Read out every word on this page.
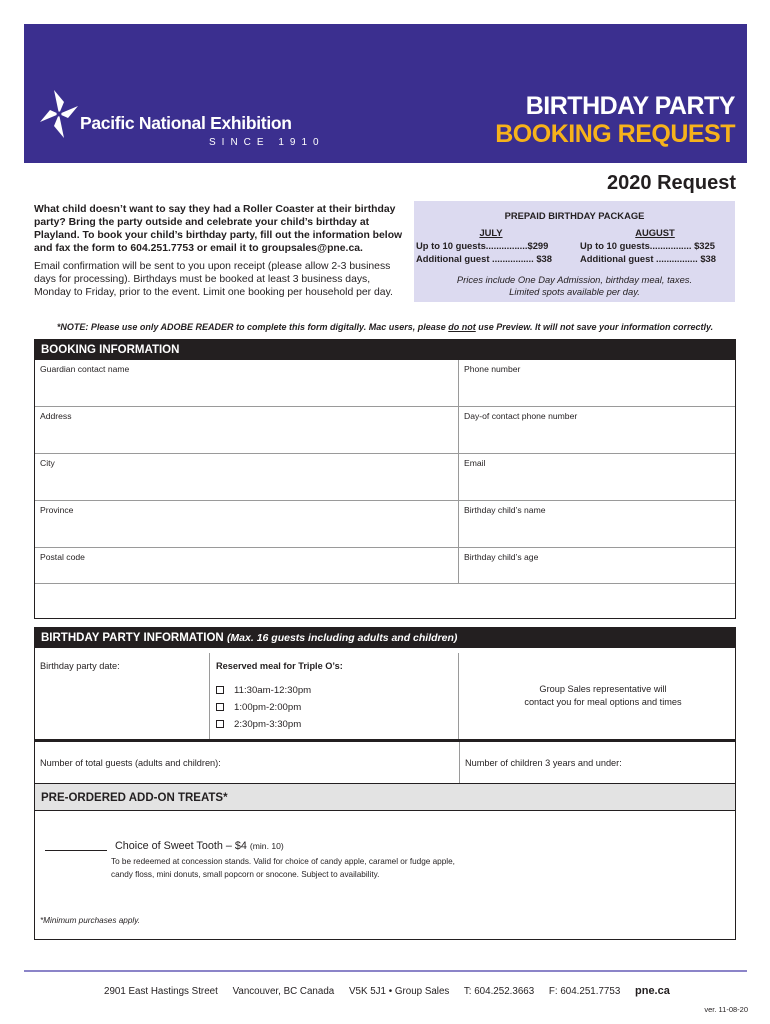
Pacific National Exhibition
SINCE 1910
BIRTHDAY PARTY
BOOKING REQUEST
2020 Request

What child doesn’t want to say they had a Roller Coaster at their birthday party? Bring the party outside and celebrate your child’s birthday at Playland. To book your child’s birthday party, fill out the information below and fax the form to 604.251.7753 or email it to groupsales@pne.ca.

Email confirmation will be sent to you upon receipt (please allow 2-3 business days for processing). Birthdays must be booked at least 3 business days, Monday to Friday, prior to the event. Limit one booking per household per day.

PREPAID BIRTHDAY PACKAGE
JULY
Up to 10 guests................$299
Additional guest ................ $38
AUGUST
Up to 10 guests................ $325
Additional guest ................ $38
Prices include One Day Admission, birthday meal, taxes.
Limited spots available per day.
*NOTE: Please use only ADOBE READER to complete this form digitally. Mac users, please do not use Preview. It will not save your information correctly.
BOOKING INFORMATION
Guardian contact name	Phone number
Address	Day-of contact phone number
City	Email
Province	Birthday child’s name
Postal code	Birthday child’s age
BIRTHDAY PARTY INFORMATION (Max. 16 guests including adults and children)
Birthday party date:	Reserved meal for Triple O’s:
11:30am-12:30pm
1:00pm-2:00pm
2:30pm-3:30pm
Group Sales representative will
contact you for meal options and times
Number of total guests (adults and children):	Number of children 3 years and under:
PRE-ORDERED ADD-ON TREATS*
Choice of Sweet Tooth – $4 (min. 10)
To be redeemed at concession stands. Valid for choice of candy apple, caramel or fudge apple,
candy floss, mini donuts, small popcorn or snocone. Subject to availability.
*Minimum purchases apply.
2901 East Hastings Street Vancouver, BC Canada V5K 5J1 • Group Sales T: 604.252.3663 F: 604.251.7753 pne.ca
ver. 11-08-20
